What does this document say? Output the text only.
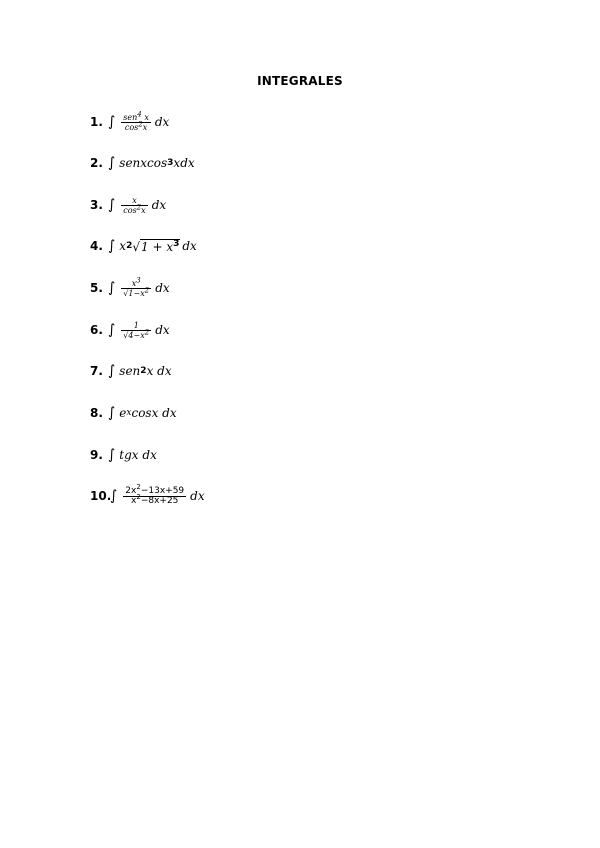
INTEGRALES
1. ∫ $\frac{sen^4 x}{\cos^2x}$ dx
2. ∫ senxcos 3 xdx
3. ∫ $\frac{x}{\cos^2x}$ dx
4. ∫ x 2 √ $1 + x^3$ dx
5. ∫ $\frac{x^3}{√1-x^2}$ dx
6. ∫ $\frac{1}{√4-x^2}$ dx
7. ∫ sen 2 x dx
8. ∫ e x cosx dx
9. ∫ tgx dx
10.
∫ $\frac{2x^2-13x+59}{x^2-8x+25}$ dx
